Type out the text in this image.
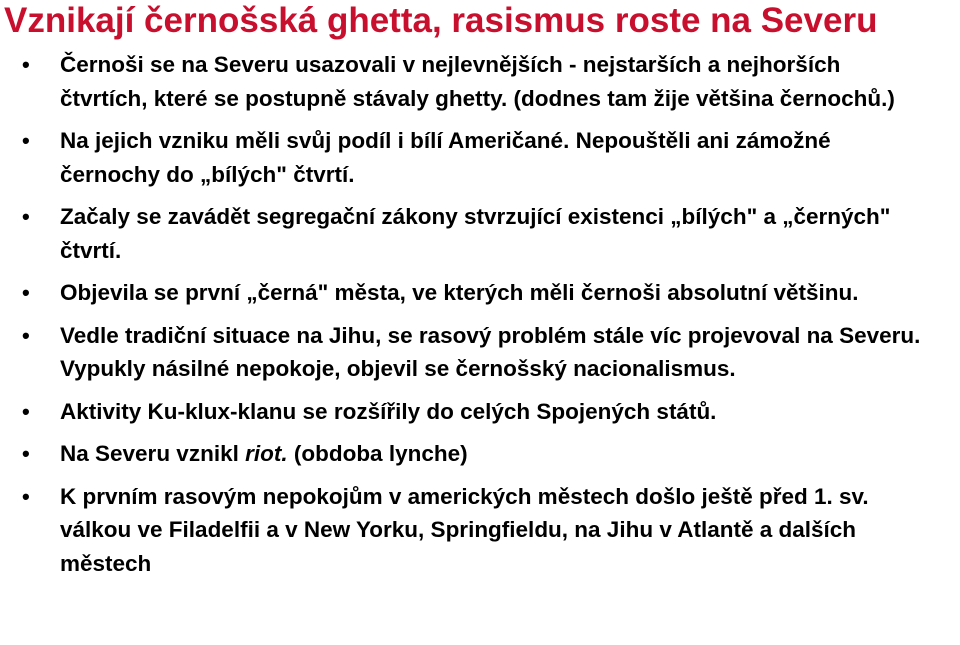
Vznikají černošská ghetta, rasismus roste na Severu
• Černoši se na Severu usazovali v nejlevnějších - nejstarších a nejhorších čtvrtích, které se postupně stávaly ghetty. (dodnes tam žije většina černochů.)
• Na jejich vzniku měli svůj podíl i bílí Američané. Nepouštěli ani zámožné černochy do „bílých" čtvrtí.
• Začaly se zavádět segregační zákony stvrzující existenci „bílých" a „černých" čtvrtí.
• Objevila se první „černá" města, ve kterých měli černoši absolutní většinu.
• Vedle tradiční situace na Jihu, se rasový problém stále víc projevoval na Severu. Vypukly násilné nepokoje, objevil se černošský nacionalismus.
• Aktivity Ku-klux-klanu se rozšířily do celých Spojených států.
• Na Severu vznikl riot. (obdoba lynche)
• K prvním rasovým nepokojům v amerických městech došlo ještě před 1. sv. válkou ve Filadelfii a v New Yorku, Springfieldu, na Jihu v Atlantě a dalších městech
